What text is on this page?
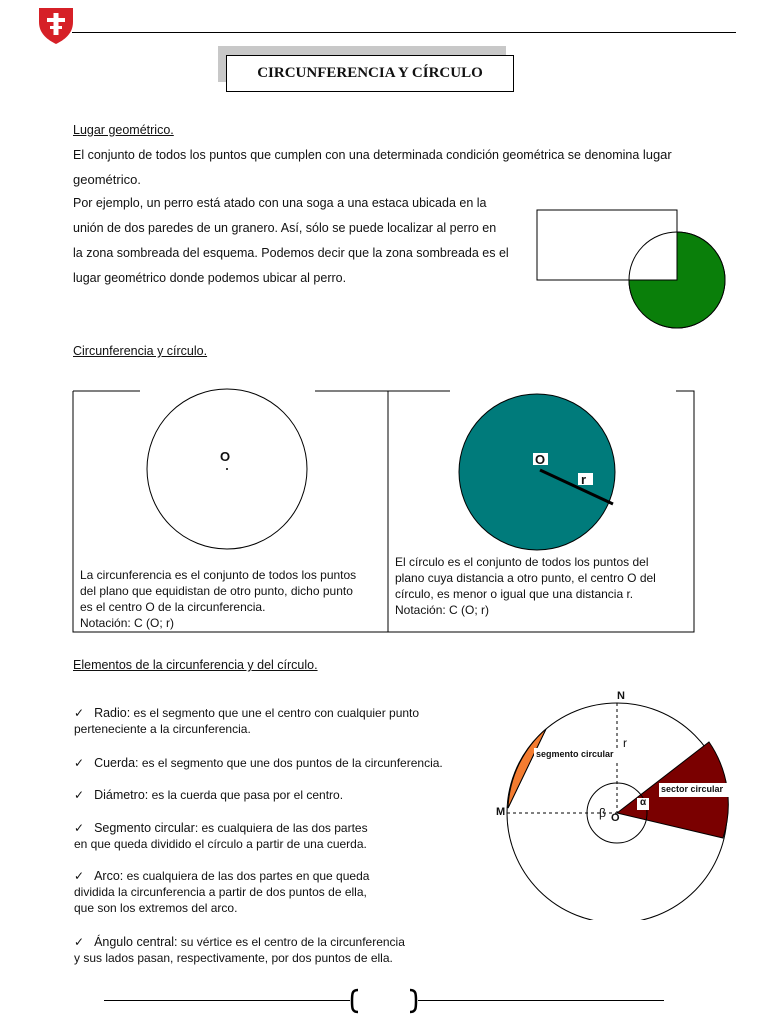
CIRCUNFERENCIA Y CÍRCULO
Lugar geométrico.
El conjunto de todos los puntos que cumplen con una determinada condición geométrica se denomina lugar
geométrico.
Por ejemplo, un perro está atado con una soga a una estaca ubicada en la
unión de dos paredes de un granero. Así, sólo se puede localizar al perro en
la zona sombreada del esquema. Podemos decir que la zona sombreada es el
lugar geométrico donde podemos ubicar al perro.
Circunferencia y círculo.
O	O
r
La circunferencia es el conjunto de todos los puntos
del plano que equidistan de otro punto, dicho punto
es el centro O de la circunferencia.
Notación: C (O; r)
El círculo es el conjunto de todos los puntos del
plano cuya distancia a otro punto, el centro O del
círculo, es menor o igual que una distancia r.
Notación: C (O; r)
Elementos de la circunferencia y del círculo.
✓ Radio: es el segmento que une el centro con cualquier punto
perteneciente a la circunferencia.
✓ Cuerda: es el segmento que une dos puntos de la circunferencia.
✓ Diámetro: es la cuerda que pasa por el centro.
✓ Segmento circular: es cualquiera de las dos partes
en que queda dividido el círculo a partir de una cuerda.
✓ Arco: es cualquiera de las dos partes en que queda
dividida la circunferencia a partir de dos puntos de ella,
que son los extremos del arco.
✓ Ángulo central: su vértice es el centro de la circunferencia
y sus lados pasan, respectivamente, por dos puntos de ella.
N
M	O
r
β
α
segmento circular
sector circular
